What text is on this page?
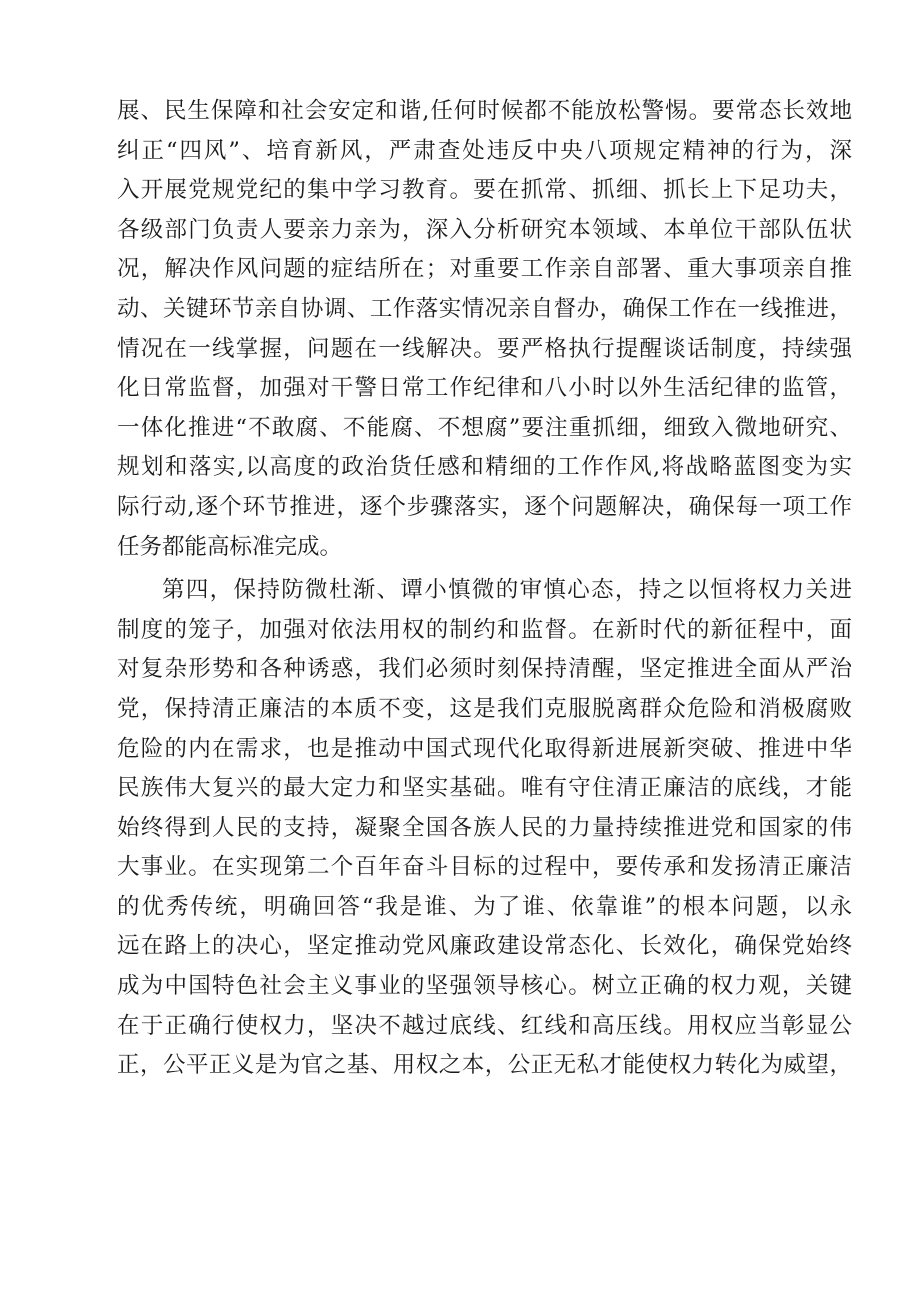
展、民生保障和社会安定和谐,任何时候都不能放松警惕。要常态长效地
纠正“四风”、培育新风，严肃查处违反中央八项规定精神的行为，深
入开展党规党纪的集中学习教育。要在抓常、抓细、抓长上下足功夫，
各级部门负责人要亲力亲为，深入分析研究本领域、本单位干部队伍状
况，解决作风问题的症结所在；对重要工作亲自部署、重大事项亲自推
动、关键环节亲自协调、工作落实情况亲自督办，确保工作在一线推进，
情况在一线掌握，问题在一线解决。要严格执行提醒谈话制度，持续强
化日常监督，加强对干警日常工作纪律和八小时以外生活纪律的监管，
一体化推进“不敢腐、不能腐、不想腐”要注重抓细，细致入微地研究、
规划和落实,以高度的政治货任感和精细的工作作风,将战略蓝图变为实
际行动,逐个环节推进，逐个步骤落实，逐个问题解决，确保每一项工作
任务都能高标准完成。
第四，保持防微杜渐、谭小慎微的审慎心态，持之以恒将权力关进
制度的笼子，加强对依法用权的制约和监督。在新时代的新征程中，面
对复杂形势和各种诱惑，我们必须时刻保持清醒，坚定推进全面从严治
党，保持清正廉洁的本质不变，这是我们克服脱离群众危险和消极腐败
危险的内在需求，也是推动中国式现代化取得新进展新突破、推进中华
民族伟大复兴的最大定力和坚实基础。唯有守住清正廉洁的底线，才能
始终得到人民的支持，凝聚全国各族人民的力量持续推进党和国家的伟
大事业。在实现第二个百年奋斗目标的过程中，要传承和发扬清正廉洁
的优秀传统，明确回答“我是谁、为了谁、依靠谁”的根本问题，以永
远在路上的决心，坚定推动党风廉政建设常态化、长效化，确保党始终
成为中国特色社会主义事业的坚强领导核心。树立正确的权力观，关键
在于正确行使权力，坚决不越过底线、红线和高压线。用权应当彰显公
正，公平正义是为官之基、用权之本，公正无私才能使权力转化为威望，
